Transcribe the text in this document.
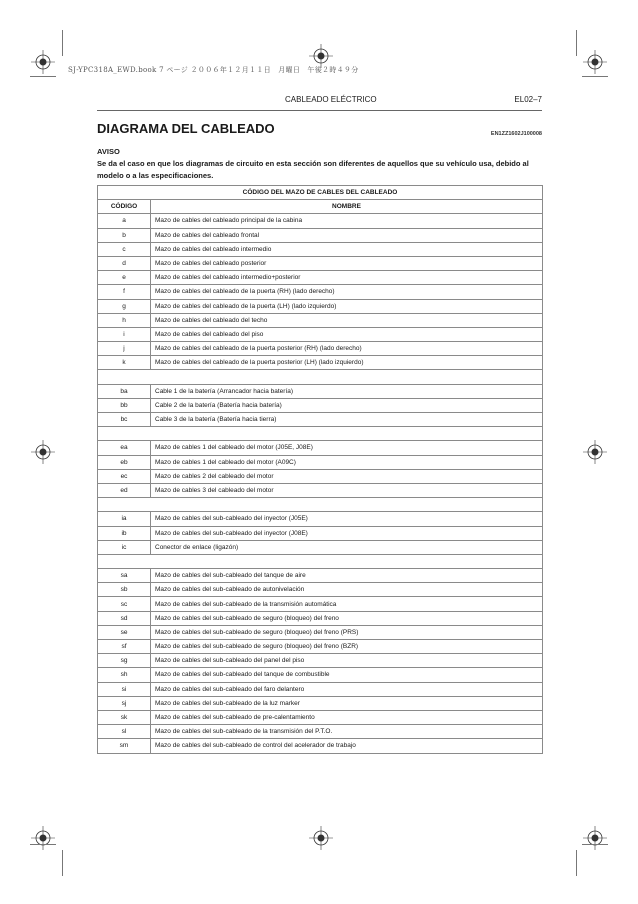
SJ-YPC318A_EWD.book 7 ページ ２００６年１２月１１日　月曜日　午後２時４９分
CABLEADO ELÉCTRICO	EL02–7
DIAGRAMA DEL CABLEADO	EN1ZZ1602J100008
AVISO
Se da el caso en que los diagramas de circuito en esta sección son diferentes de aquellos que su vehículo usa, debido al modelo o a las especificaciones.
CÓDIGO DEL MAZO DE CABLES DEL CABLEADO	
CÓDIGO	NOMBRE
a	Mazo de cables del cableado principal de la cabina
b	Mazo de cables del cableado frontal
c	Mazo de cables del cableado intermedio
d	Mazo de cables del cableado posterior
e	Mazo de cables del cableado intermedio+posterior
f	Mazo de cables del cableado de la puerta (RH) (lado derecho)
g	Mazo de cables del cableado de la puerta (LH) (lado izquierdo)
h	Mazo de cables del cableado del techo
i	Mazo de cables del cableado del piso
j	Mazo de cables del cableado de la puerta posterior (RH) (lado derecho)
k	Mazo de cables del cableado de la puerta posterior (LH) (lado izquierdo)

ba	Cable 1 de la batería (Arrancador hacia batería)
bb	Cable 2 de la batería (Batería hacia batería)
bc	Cable 3 de la batería (Batería hacia tierra)

ea	Mazo de cables 1 del cableado del motor (J05E, J08E)
eb	Mazo de cables 1 del cableado del motor (A09C)
ec	Mazo de cables 2 del cableado del motor
ed	Mazo de cables 3 del cableado del motor

ia	Mazo de cables del sub-cableado del inyector (J05E)
ib	Mazo de cables del sub-cableado del inyector (J08E)
ic	Conector de enlace (ligazón)

sa	Mazo de cables del sub-cableado del tanque de aire
sb	Mazo de cables del sub-cableado de autonivelación
sc	Mazo de cables del sub-cableado de la transmisión automática
sd	Mazo de cables del sub-cableado de seguro (bloqueo) del freno
se	Mazo de cables del sub-cableado de seguro (bloqueo) del freno (PRS)
sf	Mazo de cables del sub-cableado de seguro (bloqueo) del freno (BZR)
sg	Mazo de cables del sub-cableado del panel del piso
sh	Mazo de cables del sub-cableado del tanque de combustible
si	Mazo de cables del sub-cableado del faro delantero
sj	Mazo de cables del sub-cableado de la luz marker
sk	Mazo de cables del sub-cableado de pre-calentamiento
sl	Mazo de cables del sub-cableado de la transmisión del P.T.O.
sm	Mazo de cables del sub-cableado de control del acelerador de trabajo
